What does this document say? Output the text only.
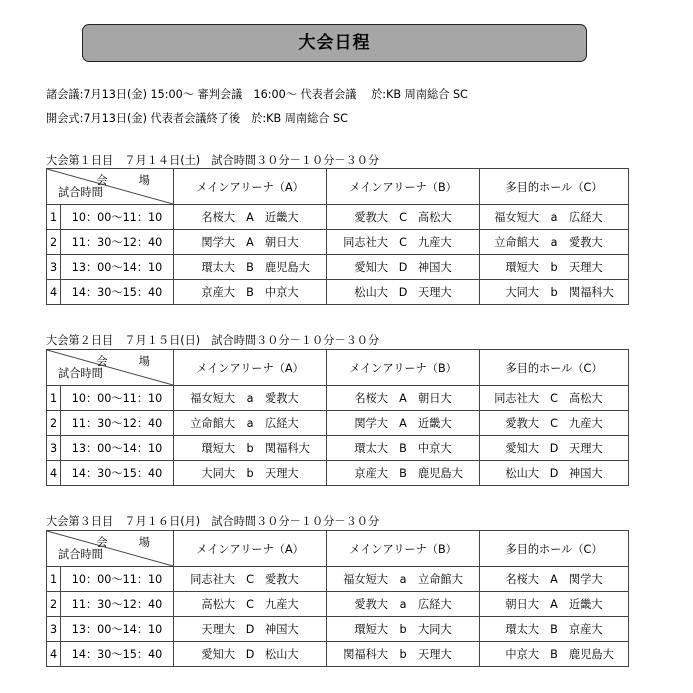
大会日程
諸会議:7月13日(金) 15:00～ 審判会議　16:00～ 代表者会議　 於:KB 周南総合 SC
開会式:7月13日(金) 代表者会議終了後　於:KB 周南総合 SC
大会第１日目　７月１４日(土)　試合時間３０分－１０分－３０分
会　場
試合時間		メインアリーナ（A）	メインアリーナ（B）	多目的ホール（C）
1	10：00～11：10	名桜大 A 近畿大	愛教大 C 高松大	福女短大 a 広経大
2	11：30～12：40	関学大 A 朝日大	同志社大 C 九産大	立命館大 a 愛教大
3	13：00～14：10	環太大 B 鹿児島大	愛知大 D 神国大	環短大 b 天理大
4	14：30～15：40	京産大 B 中京大	松山大 D 天理大	大同大 b 関福科大
大会第２日目　７月１５日(日)　試合時間３０分－１０分－３０分
会　場
試合時間		メインアリーナ（A）	メインアリーナ（B）	多目的ホール（C）
1	10：00～11：10	福女短大 a 愛教大	名桜大 A 朝日大	同志社大 C 高松大
2	11：30～12：40	立命館大 a 広経大	関学大 A 近畿大	愛教大 C 九産大
3	13：00～14：10	環短大 b 関福科大	環太大 B 中京大	愛知大 D 天理大
4	14：30～15：40	大同大 b 天理大	京産大 B 鹿児島大	松山大 D 神国大
大会第３日目　７月１６日(月)　試合時間３０分－１０分－３０分
会　場
試合時間		メインアリーナ（A）	メインアリーナ（B）	多目的ホール（C）
1	10：00～11：10	同志社大 C 愛教大	福女短大 a 立命館大	名桜大 A 関学大
2	11：30～12：40	高松大 C 九産大	愛教大 a 広経大	朝日大 A 近畿大
3	13：00～14：10	天理大 D 神国大	環短大 b 大同大	環太大 B 京産大
4	14：30～15：40	愛知大 D 松山大	関福科大 b 天理大	中京大 B 鹿児島大
